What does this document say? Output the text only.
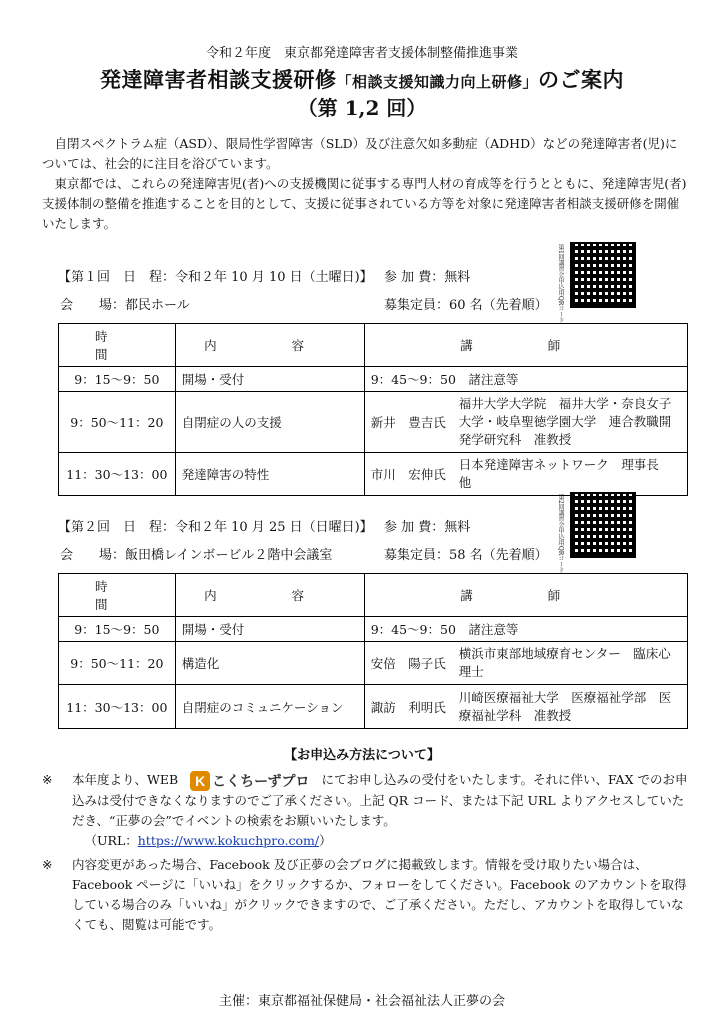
令和２年度　東京都発達障害者支援体制整備推進事業
発達障害者相談支援研修「相談支援知識力向上研修」のご案内
（第 1,2 回）

自閉スペクトラム症（ASD）、限局性学習障害（SLD）及び注意欠如多動症（ADHD）などの発達障害者(児)については、社会的に注目を浴びています。

東京都では、これらの発達障害児(者)への支援機関に従事する専門人材の育成等を行うとともに、発達障害児(者)支援体制の整備を推進することを目的として、支援に従事されている方等を対象に発達障害者相談支援研修を開催いたします。

第1回講習会申込用QRコード
【第１回　日　程：令和２年 10 月 10 日（土曜日)】 参 加 費：無料
会　　場：都民ホール	募集定員：60 名（先着順）
時　間	内　容	講　師
9：15～9：50	開場・受付	9：45～9：50　諸注意等
9：50～11：20	自閉症の人の支援	新井　豊吉氏
福井大学大学院　福井大学・奈良女子大学・岐阜聖徳学園大学　連合教職開発学研究科　准教授

11：30～13：00	発達障害の特性	市川　宏伸氏
日本発達障害ネットワーク　理事長　他
第2回講習会申込用QRコード
【第２回　日　程：令和２年 10 月 25 日（日曜日)】 参 加 費：無料
会　　場：飯田橋レインボービル２階中会議室	募集定員：58 名（先着順）
時　間	内　容	講　師
9：15～9：50	開場・受付	9：45～9：50　諸注意等
9：50～11：20	構造化	安倍　陽子氏
横浜市東部地域療育センター　臨床心理士

11：30～13：00	自閉症のコミュニケーション	諏訪　利明氏
川崎医療福祉大学　医療福祉学部　医療福祉学科　准教授
【お申込み方法について】
※	本年度より、WEB	K こくちーずプロ にてお申し込みの受付をいたします。それに伴い、FAX でのお申込みは受付できなくなりますのでご了承ください。上記 QR コード、または下記 URL よりアクセスしていただき、“正夢の会”でイベントの検索をお願いいたします。
（URL：https://www.kokuchpro.com/）
※	内容変更があった場合、Facebook 及び正夢の会ブログに掲載致します。情報を受け取りたい場合は、Facebook ページに「いいね」をクリックするか、フォローをしてください。Facebook のアカウントを取得している場合のみ「いいね」がクリックできますので、ご了承ください。ただし、アカウントを取得していなくても、閲覧は可能です。
主催：東京都福祉保健局・社会福祉法人正夢の会
